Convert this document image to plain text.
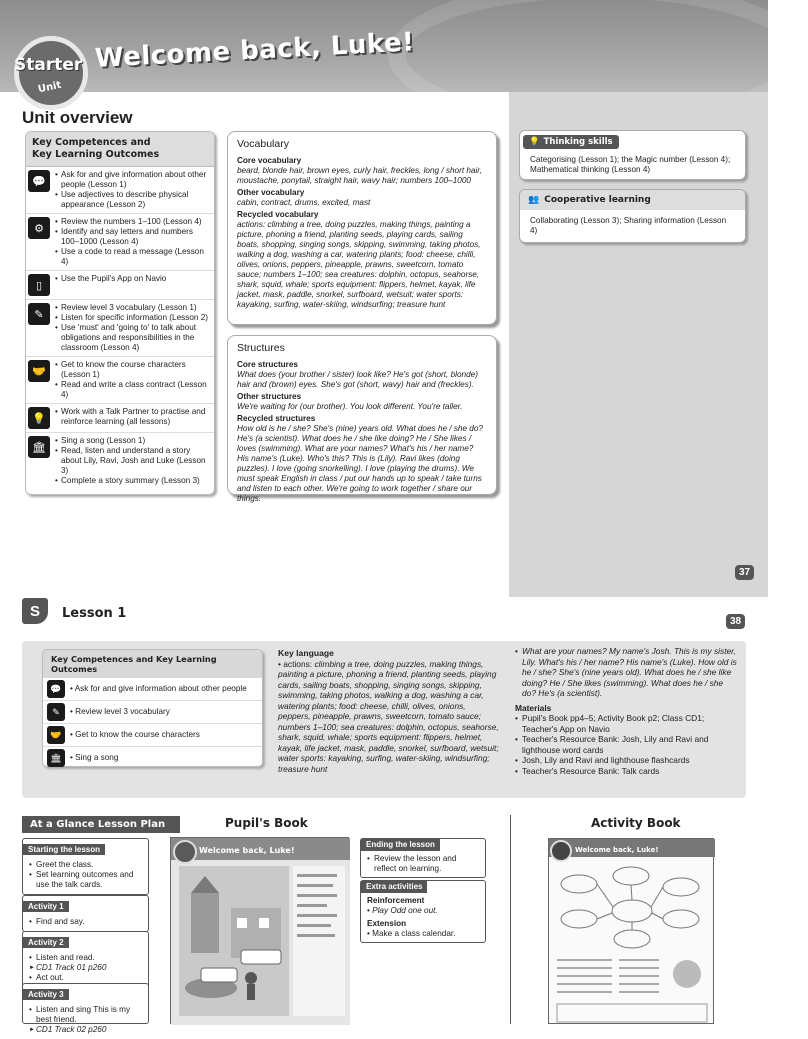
Starter
Unit
Welcome back, Luke!
Unit overview
Key Competences and
Key Learning Outcomes
💬
• Ask for and give information about other people (Lesson 1)
• Use adjectives to describe physical appearance (Lesson 2)
⚙
• Review the numbers 1–100 (Lesson 4)
• Identify and say letters and numbers 100–1000 (Lesson 4)
• Use a code to read a message (Lesson 4)
▯
• Use the Pupil's App on Navio
✎
• Review level 3 vocabulary (Lesson 1)
• Listen for specific information (Lesson 2)
• Use 'must' and 'going to' to talk about obligations and responsibilities in the classroom (Lesson 4)
🤝
• Get to know the course characters (Lesson 1)
• Read and write a class contract (Lesson 4)
💡
• Work with a Talk Partner to practise and reinforce learning (all lessons)
🏛
• Sing a song (Lesson 1)
• Read, listen and understand a story about Lily, Ravi, Josh and Luke (Lesson 3)
• Complete a story summary (Lesson 3)
Vocabulary
Core vocabulary

beard, blonde hair, brown eyes, curly hair, freckles, long / short hair, moustache, ponytail, straight hair, wavy hair; numbers 100–1000

Other vocabulary

cabin, contract, drums, excited, mast

Recycled vocabulary

actions: climbing a tree, doing puzzles, making things, painting a picture, phoning a friend, planting seeds, playing cards, sailing boats, shopping, singing songs, skipping, swimming, taking photos, walking a dog, washing a car, watering plants; food: cheese, chilli, olives, onions, peppers, pineapple, prawns, sweetcorn, tomato sauce; numbers 1–100; sea creatures: dolphin, octopus, seahorse, shark, squid, whale; sports equipment: flippers, helmet, kayak, life jacket, mask, paddle, snorkel, surfboard, wetsuit; water sports: kayaking, surfing, water-skiing, windsurfing; treasure hunt

Structures
Core structures

What does (your brother / sister) look like? He's got (short, blonde) hair and (brown) eyes. She's got (short, wavy) hair and (freckles).

Other structures

We're waiting for (our brother). You look different. You're taller.

Recycled structures

How old is he / she? She's (nine) years old. What does he / she do? He's (a scientist). What does he / she like doing? He / She likes / loves (swimming). What are your names? What's his / her name? His name's (Luke). Who's this? This is (Lily). Ravi likes (doing puzzles). I love (going snorkelling). I love (playing the drums). We must speak English in class / put our hands up to speak / take turns and listen to each other. We're going to work together / share our things.

💡 Thinking skills
Categorising (Lesson 1); the Magic number (Lesson 4); Mathematical thinking (Lesson 4)
👥 Cooperative learning
Collaborating (Lesson 3); Sharing information (Lesson 4)
37
S	Lesson 1
38
Key Competences and Key Learning Outcomes
💬	• Ask for and give information about other people
✎	• Review level 3 vocabulary
🤝	• Get to know the course characters
🏛	• Sing a song
Key language
• actions: climbing a tree, doing puzzles, making things, painting a picture, phoning a friend, planting seeds, playing cards, sailing boats, shopping, singing songs, skipping, swimming, taking photos, walking a dog, washing a car, watering plants; food: cheese, chilli, olives, onions, peppers, pineapple, prawns, sweetcorn, tomato sauce; numbers 1–100; sea creatures: dolphin, octopus, seahorse, shark, squid, whale; sports equipment: flippers, helmet, kayak, life jacket, mask, paddle, snorkel, surfboard, wetsuit; water sports: kayaking, surfing, water-skiing, windsurfing; treasure hunt
• What are your names? My name's Josh. This is my sister, Lily. What's his / her name? His name's (Luke). How old is he / she? She's (nine years old). What does he / she like doing? He / She likes (swimming). What does he / she do? He's (a scientist).
Materials
• Pupil's Book pp4–5; Activity Book p2; Class CD1; Teacher's App on Navio
• Teacher's Resource Bank: Josh, Lily and Ravi and lighthouse word cards
• Josh, Lily and Ravi and lighthouse flashcards
• Teacher's Resource Bank: Talk cards
At a Glance Lesson Plan	Pupil's Book	Activity Book
Starting the lesson
• Greet the class.
• Set learning outcomes and use the talk cards.
Activity 1
• Find and say.
Activity 2
• Listen and read.
► CD1 Track 01 p260
• Act out.
Activity 3
• Listen and sing This is my best friend.
► CD1 Track 02 p260
Welcome back, Luke!
Ending the lesson
• Review the lesson and reflect on learning.
Extra activities
Reinforcement
• Play Odd one out.
Extension
• Make a class calendar.
Welcome back, Luke!
